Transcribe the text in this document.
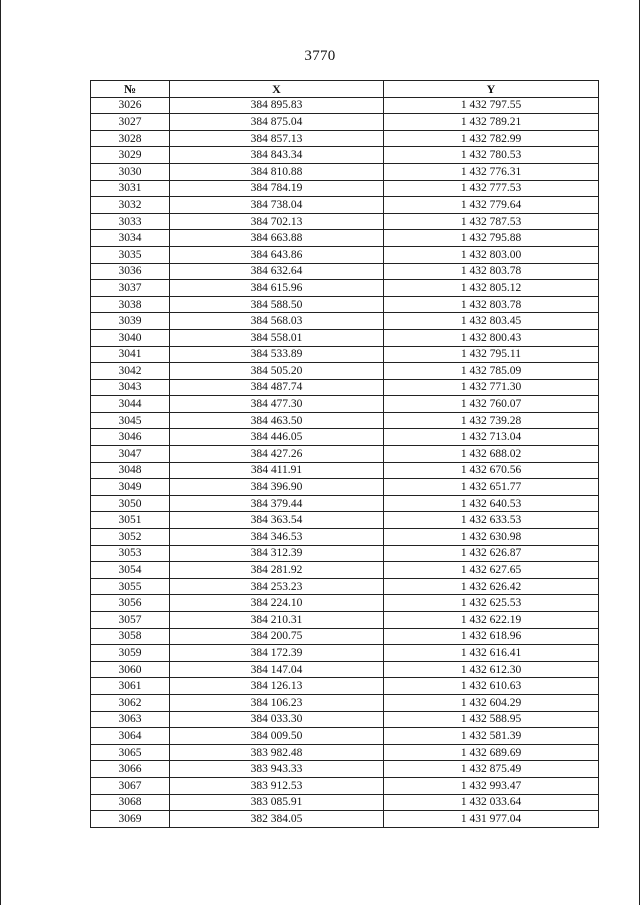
3770
№	X	Y
3026	384 895.83	1 432 797.55
3027	384 875.04	1 432 789.21
3028	384 857.13	1 432 782.99
3029	384 843.34	1 432 780.53
3030	384 810.88	1 432 776.31
3031	384 784.19	1 432 777.53
3032	384 738.04	1 432 779.64
3033	384 702.13	1 432 787.53
3034	384 663.88	1 432 795.88
3035	384 643.86	1 432 803.00
3036	384 632.64	1 432 803.78
3037	384 615.96	1 432 805.12
3038	384 588.50	1 432 803.78
3039	384 568.03	1 432 803.45
3040	384 558.01	1 432 800.43
3041	384 533.89	1 432 795.11
3042	384 505.20	1 432 785.09
3043	384 487.74	1 432 771.30
3044	384 477.30	1 432 760.07
3045	384 463.50	1 432 739.28
3046	384 446.05	1 432 713.04
3047	384 427.26	1 432 688.02
3048	384 411.91	1 432 670.56
3049	384 396.90	1 432 651.77
3050	384 379.44	1 432 640.53
3051	384 363.54	1 432 633.53
3052	384 346.53	1 432 630.98
3053	384 312.39	1 432 626.87
3054	384 281.92	1 432 627.65
3055	384 253.23	1 432 626.42
3056	384 224.10	1 432 625.53
3057	384 210.31	1 432 622.19
3058	384 200.75	1 432 618.96
3059	384 172.39	1 432 616.41
3060	384 147.04	1 432 612.30
3061	384 126.13	1 432 610.63
3062	384 106.23	1 432 604.29
3063	384 033.30	1 432 588.95
3064	384 009.50	1 432 581.39
3065	383 982.48	1 432 689.69
3066	383 943.33	1 432 875.49
3067	383 912.53	1 432 993.47
3068	383 085.91	1 432 033.64
3069	382 384.05	1 431 977.04
